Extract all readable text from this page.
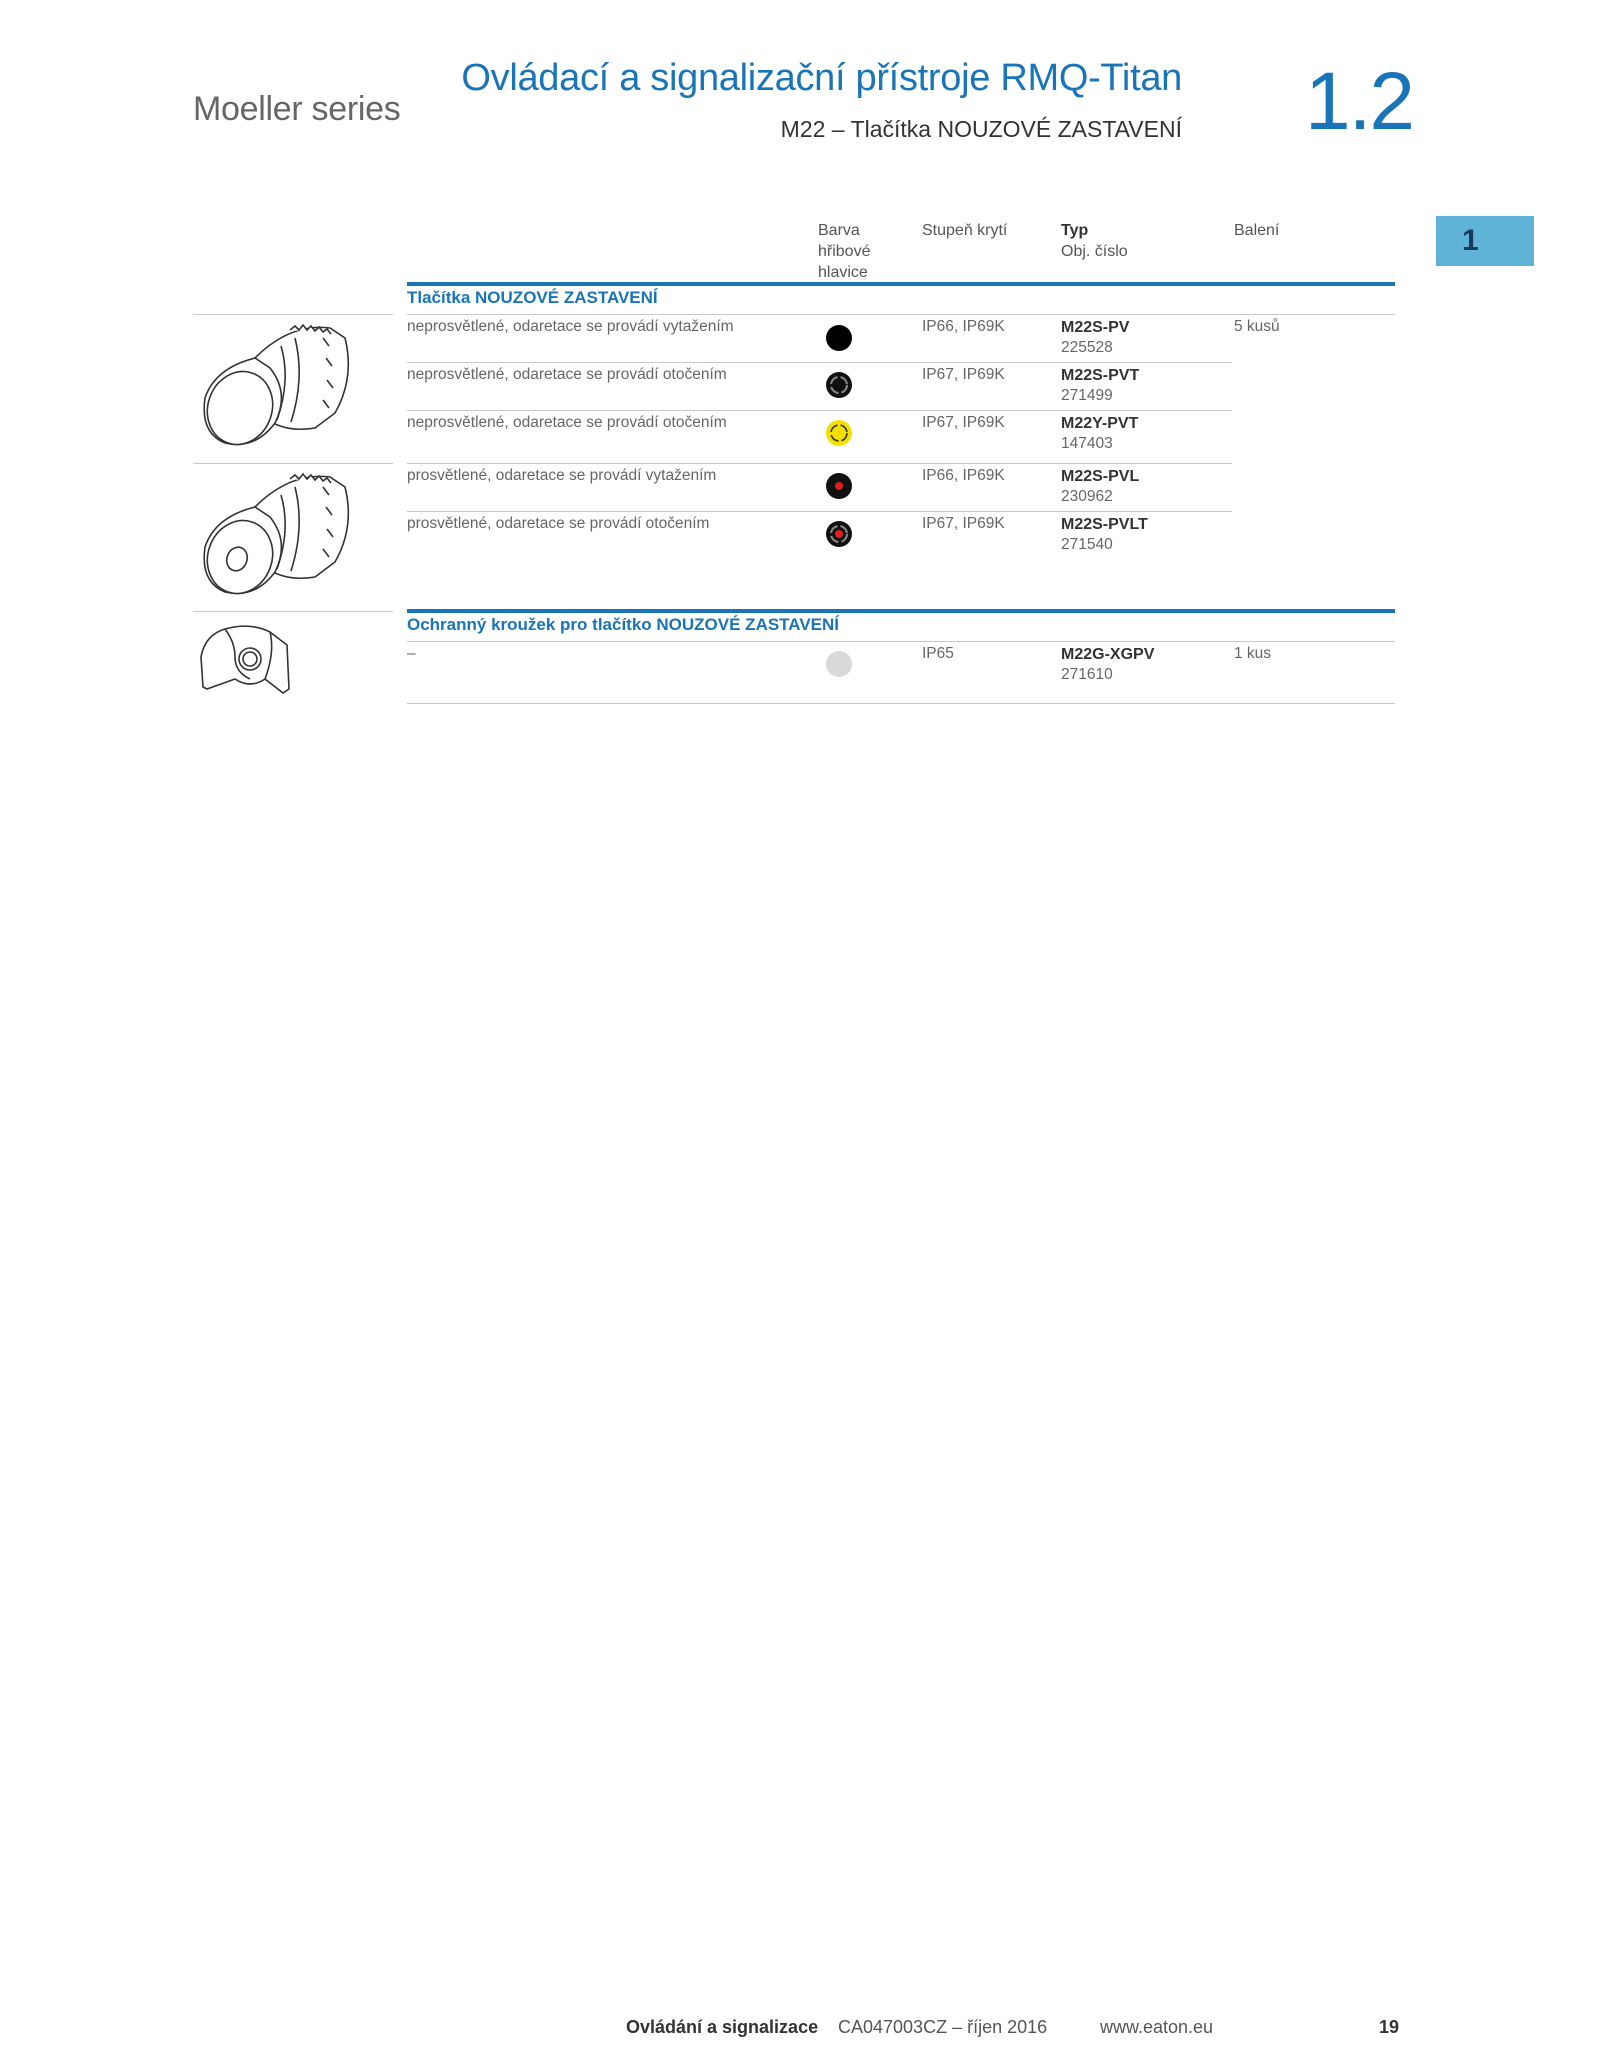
Moeller series
Ovládací a signalizační přístroje RMQ-Titan
M22 – Tlačítka NOUZOVÉ ZASTAVENÍ 1.2
1
Barva
hřibové
hlavice
Stupeň krytí	Typ
Obj. číslo
Balení
Tlačítka NOUZOVÉ ZASTAVENÍ
neprosvětlené, odaretace se provádí vytažením	IP66, IP69K	M22S-PV
225528
5 kusů
neprosvětlené, odaretace se provádí otočením	IP67, IP69K	M22S-PVT
271499
neprosvětlené, odaretace se provádí otočením	IP67, IP69K	M22Y-PVT
147403
prosvětlené, odaretace se provádí vytažením	IP66, IP69K	M22S-PVL
230962
prosvětlené, odaretace se provádí otočením	IP67, IP69K	M22S-PVLT
271540
Ochranný kroužek pro tlačítko NOUZOVÉ ZASTAVENÍ
–	IP65	M22G-XGPV
271610
1 kus
Ovládání a signalizace CA047003CZ – říjen 2016	www.eaton.eu	19
